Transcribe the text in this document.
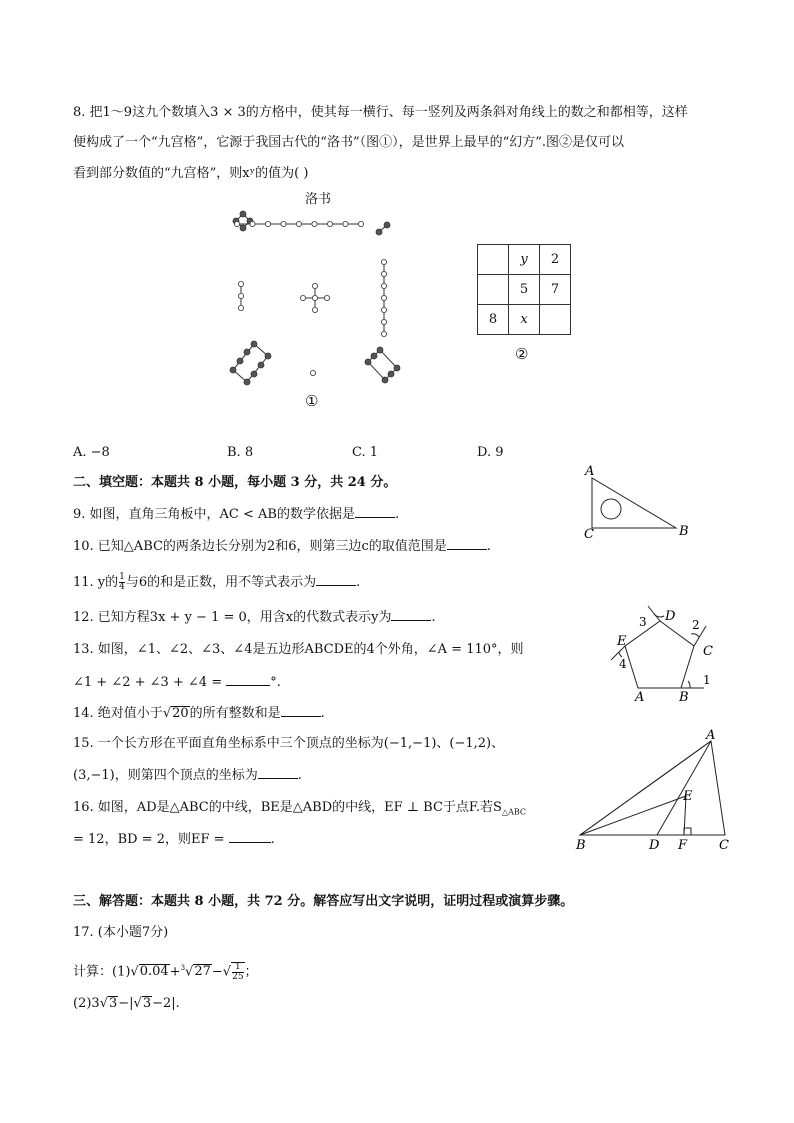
8. 把1～9这九个数填入3 × 3的方格中，使其每一横行、每一竖列及两条斜对角线上的数之和都相等，这样
便构成了一个“九宫格”，它源于我国古代的“洛书”（图①），是世界上最早的“幻方”.图②是仅可以
看到部分数值的“九宫格”，则xʸ的值为( )
洛书
①
	y	2
	5	7
8	x	
②
A. −8	B. 8	C. 1	D. 9
二、填空题：本题共 8 小题，每小题 3 分，共 24 分。
9. 如图，直角三角板中，AC < AB的数学依据是	.
10. 已知△ABC的两条边长分别为2和6，则第三边c的取值范围是	.
11. y的 $\frac{1}{4}$ 与6的和是正数，用不等式表示为	.
12. 已知方程3x + y − 1 = 0，用含x的代数式表示y为	.
13. 如图，∠1、∠2、∠3、∠4是五边形ABCDE的4个外角，∠A = 110°，则
∠1 + ∠2 + ∠3 + ∠4 =	°.
14. 绝对值小于√20的所有整数和是	.
15. 一个长方形在平面直角坐标系中三个顶点的坐标为(−1,−1)、(−1,2)、
(3,−1)，则第四个顶点的坐标为	.
16. 如图，AD是△ABC的中线，BE是△ABD的中线，EF ⊥ BC于点F.若$S_{\triangle ABC}$
= 12，BD = 2，则EF =	.
A
C	B
A	B
C
D
E
1
2
3
4
A
B	C
D
E
F
三、解答题：本题共 8 小题，共 72 分。解答应写出文字说明，证明过程或演算步骤。
17. (本小题7分)
计算：$(1)√0.04+^3√27-√ \frac{1}{25}$ ；
(2)3√3−|√3−2|.
